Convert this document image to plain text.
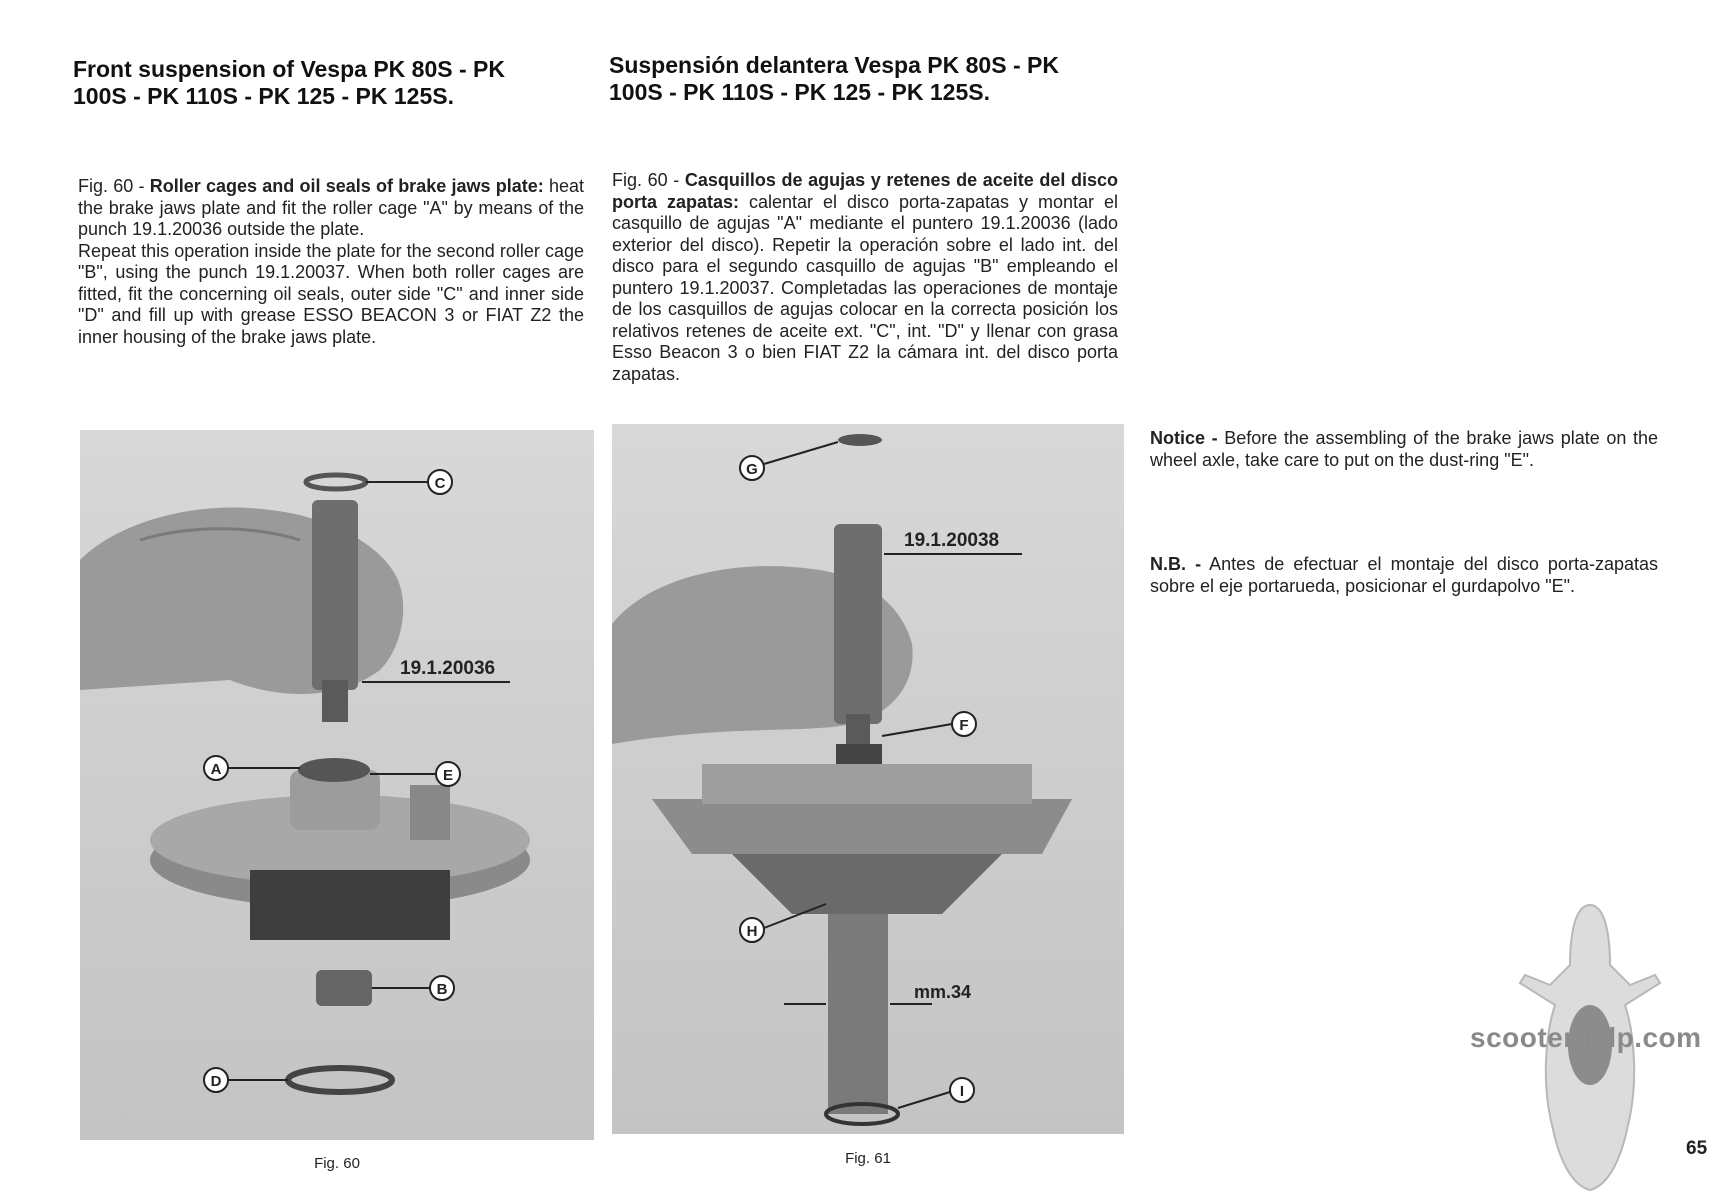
Front suspension of Vespa PK 80S - PK
100S - PK 110S - PK 125 - PK 125S.
Suspensión delantera Vespa PK 80S - PK
100S - PK 110S - PK 125 - PK 125S.
Fig. 60 - Roller cages and oil seals of brake jaws plate: heat the brake jaws plate and fit the roller cage "A" by means of the punch 19.1.20036 outside the plate.
Repeat this operation inside the plate for the second roller cage "B", using the punch 19.1.20037. When both roller cages are fitted, fit the concerning oil seals, outer side "C" and inner side "D" and fill up with grease ESSO BEACON 3 or FIAT Z2 the inner housing of the brake jaws plate.
Fig. 60 - Casquillos de agujas y retenes de aceite del disco porta zapatas: calentar el disco porta-zapatas y montar el casquillo de agujas "A" mediante el puntero 19.1.20036 (lado exterior del disco). Repetir la operación sobre el lado int. del disco para el segundo casquillo de agujas "B" empleando el puntero 19.1.20037. Completadas las operaciones de montaje de los casquillos de agujas colocar en la correcta posición los relativos retenes de aceite ext. "C", int. "D" y llenar con grasa Esso Beacon 3 o bien FIAT Z2 la cámara int. del disco porta zapatas.
Notice - Before the assembling of the brake jaws plate on the wheel axle, take care to put on the dust-ring "E".
N.B. - Antes de efectuar el montaje del disco porta-zapatas sobre el eje portarueda, posicionar el gurdapolvo "E".
C
19.1.20036
A	E
B
D
Fig. 60
19.1.20038
G
F
H
mm.34
I
Fig. 61
scooterhelp.com
65
